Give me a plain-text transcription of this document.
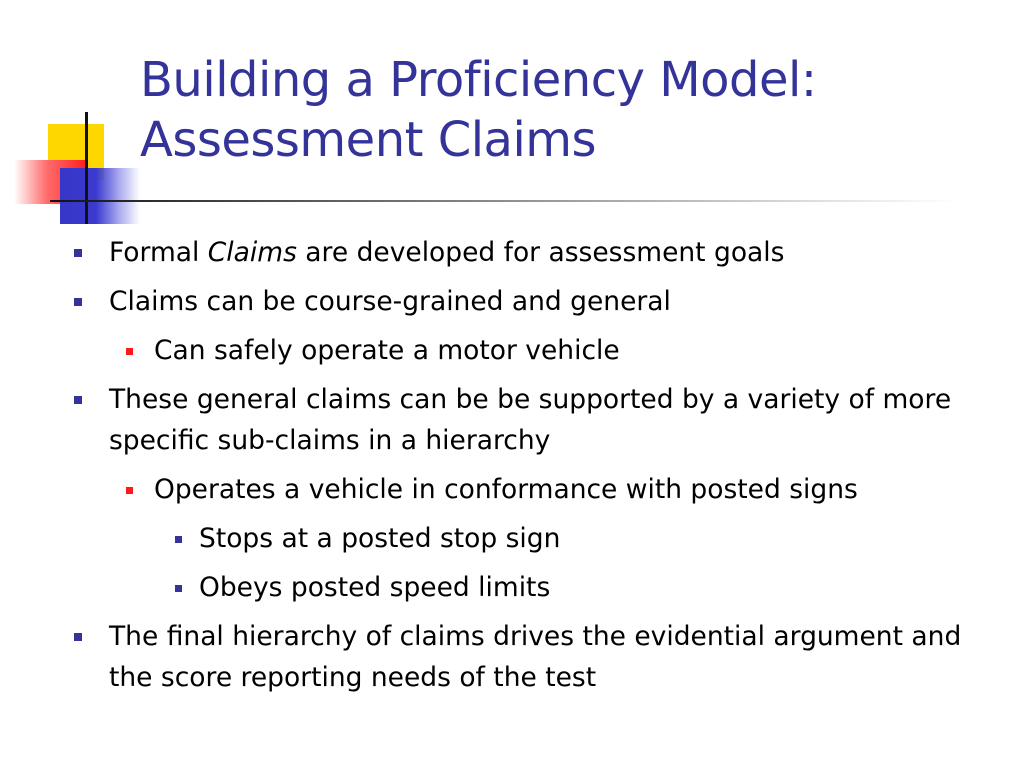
Building a Proficiency Model:
Assessment Claims
Formal Claims are developed for assessment goals
Claims can be course-grained and general
Can safely operate a motor vehicle
These general claims can be be supported by a variety of more specific sub-claims in a hierarchy
Operates a vehicle in conformance with posted signs
Stops at a posted stop sign
Obeys posted speed limits
The final hierarchy of claims drives the evidential argument and the score reporting needs of the test
